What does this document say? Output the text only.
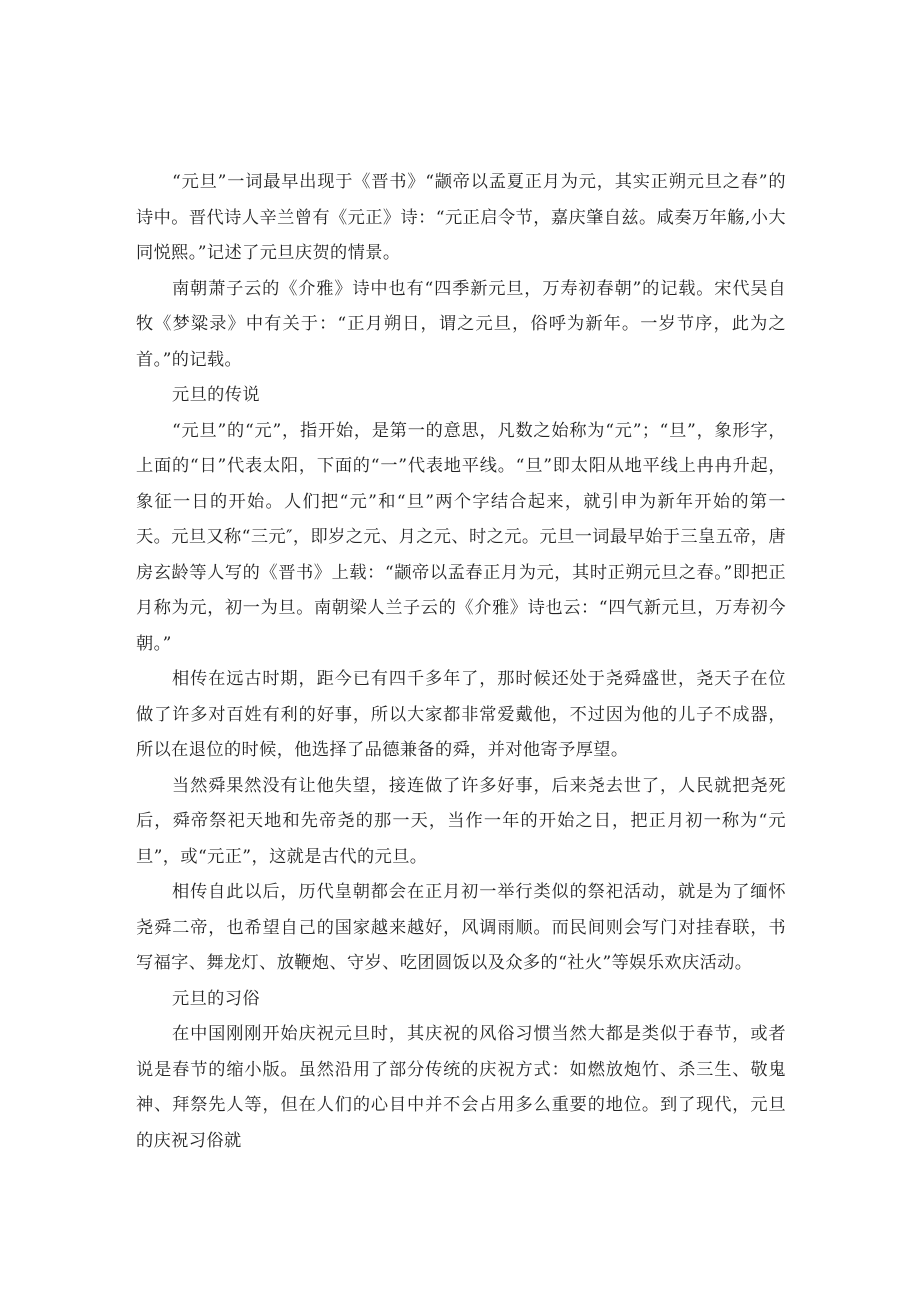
“元旦”一词最早出现于《晋书》“颛帝以孟夏正月为元，其实正朔元旦之春”的诗中。晋代诗人辛兰曾有《元正》诗：“元正启令节，嘉庆肇自兹。咸奏万年觞,小大同悦熙。”记述了元旦庆贺的情景。

南朝萧子云的《介雅》诗中也有“四季新元旦，万寿初春朝”的记载。宋代吴自牧《梦粱录》中有关于：“正月朔日，谓之元旦，俗呼为新年。一岁节序，此为之首。”的记载。

元旦的传说

“元旦”的“元”，指开始，是第一的意思，凡数之始称为“元”；“旦”，象形字，上面的“日”代表太阳，下面的“一”代表地平线。“旦”即太阳从地平线上冉冉升起，象征一日的开始。人们把“元”和“旦”两个字结合起来，就引申为新年开始的第一天。元旦又称“三元″，即岁之元、月之元、时之元。元旦一词最早始于三皇五帝，唐房玄龄等人写的《晋书》上载：“颛帝以孟春正月为元，其时正朔元旦之春。”即把正月称为元，初一为旦。南朝梁人兰子云的《介雅》诗也云：“四气新元旦，万寿初今朝。”

相传在远古时期，距今已有四千多年了，那时候还处于尧舜盛世，尧天子在位做了许多对百姓有利的好事，所以大家都非常爱戴他，不过因为他的儿子不成器，所以在退位的时候，他选择了品德兼备的舜，并对他寄予厚望。

当然舜果然没有让他失望，接连做了许多好事，后来尧去世了，人民就把尧死后，舜帝祭祀天地和先帝尧的那一天，当作一年的开始之日，把正月初一称为“元旦”，或“元正”，这就是古代的元旦。

相传自此以后，历代皇朝都会在正月初一举行类似的祭祀活动，就是为了缅怀尧舜二帝，也希望自己的国家越来越好，风调雨顺。而民间则会写门对挂春联，书写福字、舞龙灯、放鞭炮、守岁、吃团圆饭以及众多的“社火”等娱乐欢庆活动。

元旦的习俗

在中国刚刚开始庆祝元旦时，其庆祝的风俗习惯当然大都是类似于春节，或者说是春节的缩小版。虽然沿用了部分传统的庆祝方式：如燃放炮竹、杀三生、敬鬼神、拜祭先人等，但在人们的心目中并不会占用多么重要的地位。到了现代，元旦的庆祝习俗就
